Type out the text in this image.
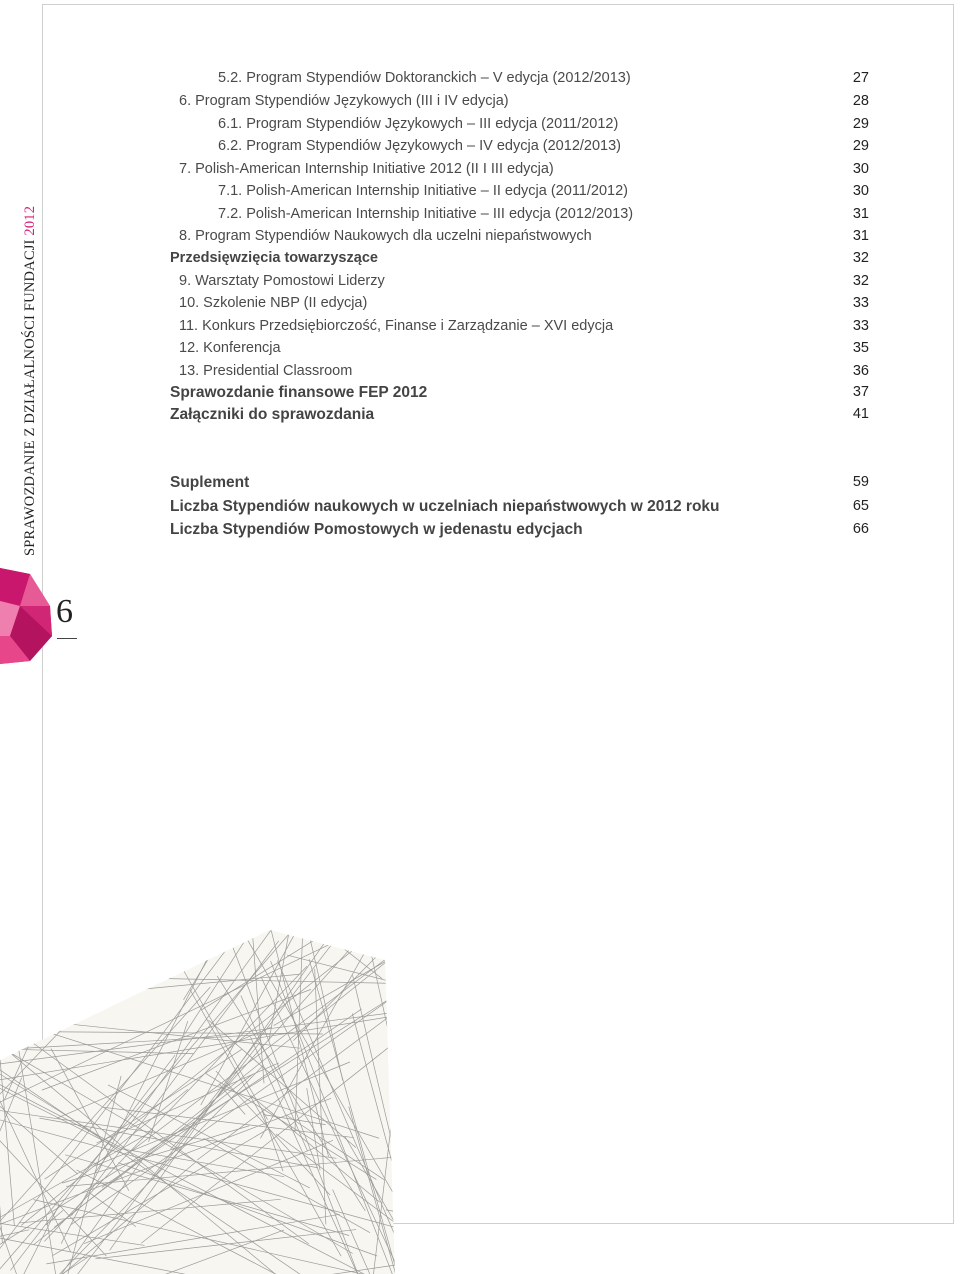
SPRAWOZDANIE Z DZIAŁALNOŚCI FUNDACJI 2012
6
5.2. Program Stypendiów Doktoranckich – V edycja (2012/2013)	27
6. Program Stypendiów Językowych (III i IV edycja)	28
6.1. Program Stypendiów Językowych – III edycja (2011/2012)	29
6.2. Program Stypendiów Językowych – IV edycja (2012/2013)	29
7. Polish-American Internship Initiative 2012 (II I III edycja)	30
7.1. Polish-American Internship Initiative – II edycja (2011/2012)	30
7.2. Polish-American Internship Initiative – III edycja (2012/2013)	31
8. Program Stypendiów Naukowych dla uczelni niepaństwowych	31
Przedsięwzięcia towarzyszące	32
9. Warsztaty Pomostowi Liderzy	32
10. Szkolenie NBP (II edycja)	33
11. Konkurs Przedsiębiorczość, Finanse i Zarządzanie – XVI edycja	33
12. Konferencja	35
13. Presidential Classroom	36
Sprawozdanie finansowe FEP 2012	37
Załączniki do sprawozdania	41
Suplement	59
Liczba Stypendiów naukowych w uczelniach niepaństwowych w 2012 roku	65
Liczba Stypendiów Pomostowych w jedenastu edycjach	66
